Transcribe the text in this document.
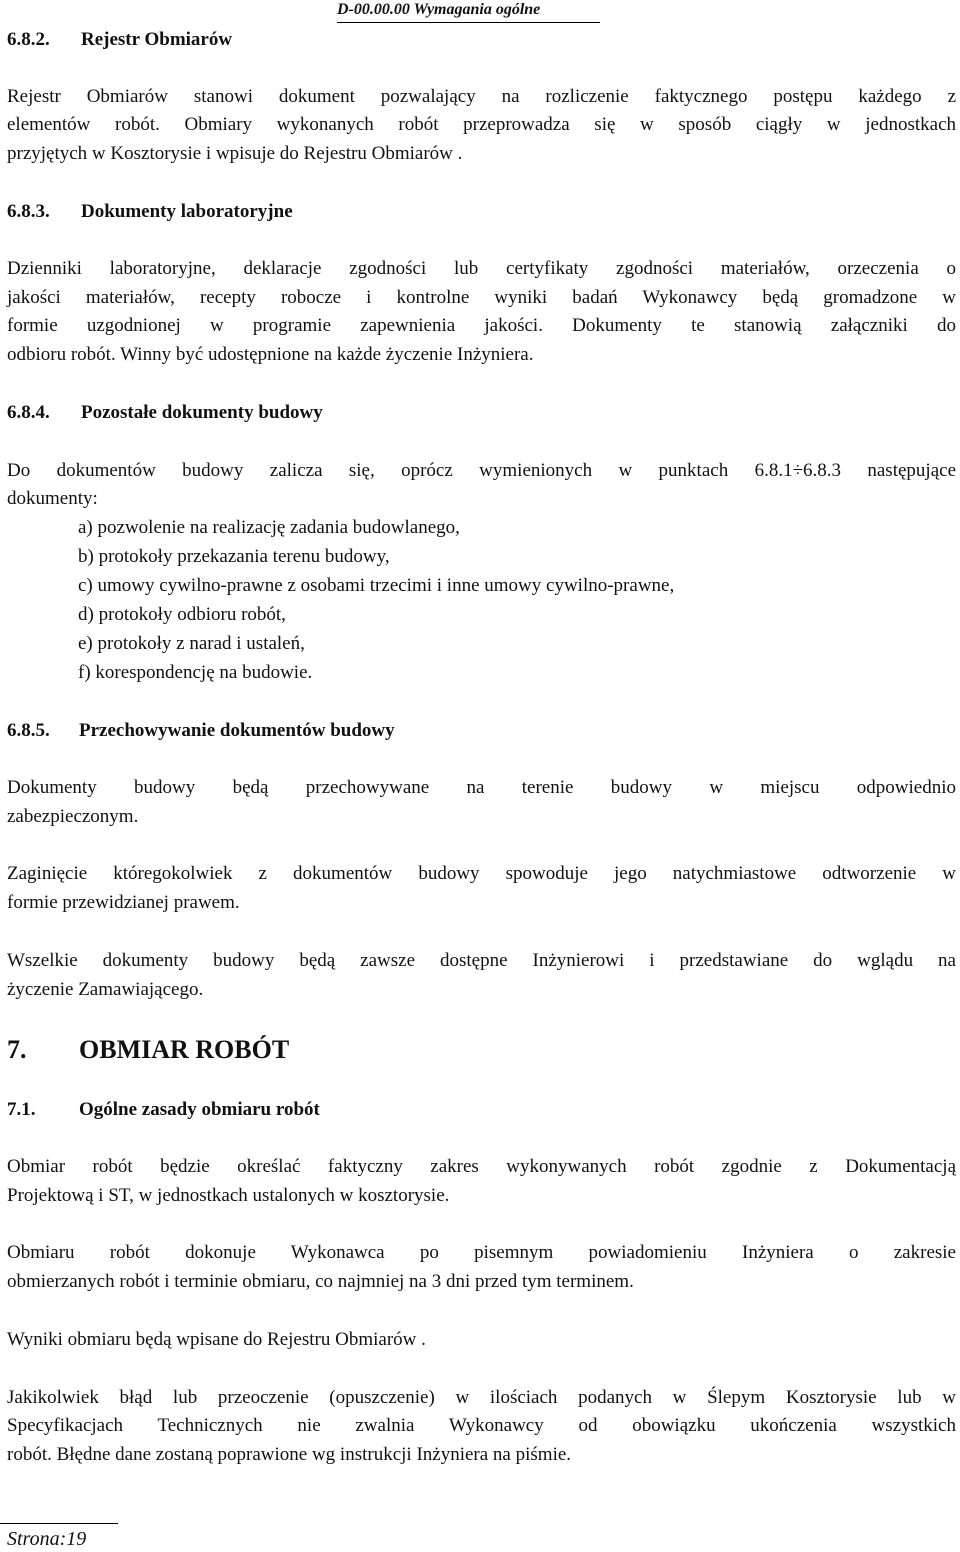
D-00.00.00 Wymagania ogólne
6.8.2. Rejestr Obmiarów
Rejestr Obmiarów stanowi dokument pozwalający na rozliczenie faktycznego postępu każdego z
elementów robót. Obmiary wykonanych robót przeprowadza się w sposób ciągły w jednostkach
przyjętych w Kosztorysie i wpisuje do Rejestru Obmiarów .
6.8.3. Dokumenty laboratoryjne
Dzienniki laboratoryjne, deklaracje zgodności lub certyfikaty zgodności materiałów, orzeczenia o
jakości materiałów, recepty robocze i kontrolne wyniki badań Wykonawcy będą gromadzone w
formie uzgodnionej w programie zapewnienia jakości. Dokumenty te stanowią załączniki do
odbioru robót. Winny być udostępnione na każde życzenie Inżyniera.
6.8.4. Pozostałe dokumenty budowy
Do dokumentów budowy zalicza się, oprócz wymienionych w punktach 6.8.1÷6.8.3 następujące
dokumenty:
a) pozwolenie na realizację zadania budowlanego,
b) protokoły przekazania terenu budowy,
c) umowy cywilno-prawne z osobami trzecimi i inne umowy cywilno-prawne,
d) protokoły odbioru robót,
e) protokoły z narad i ustaleń,
f) korespondencję na budowie.
6.8.5. Przechowywanie dokumentów budowy
Dokumenty budowy będą przechowywane na terenie budowy w miejscu odpowiednio
zabezpieczonym.
Zaginięcie któregokolwiek z dokumentów budowy spowoduje jego natychmiastowe odtworzenie w
formie przewidzianej prawem.
Wszelkie dokumenty budowy będą zawsze dostępne Inżynierowi i przedstawiane do wglądu na
życzenie Zamawiającego.
7. OBMIAR ROBÓT
7.1. Ogólne zasady obmiaru robót
Obmiar robót będzie określać faktyczny zakres wykonywanych robót zgodnie z Dokumentacją
Projektową i ST, w jednostkach ustalonych w kosztorysie.
Obmiaru robót dokonuje Wykonawca po pisemnym powiadomieniu Inżyniera o zakresie
obmierzanych robót i terminie obmiaru, co najmniej na 3 dni przed tym terminem.
Wyniki obmiaru będą wpisane do Rejestru Obmiarów .
Jakikolwiek błąd lub przeoczenie (opuszczenie) w ilościach podanych w Ślepym Kosztorysie lub w
Specyfikacjach Technicznych nie zwalnia Wykonawcy od obowiązku ukończenia wszystkich
robót. Błędne dane zostaną poprawione wg instrukcji Inżyniera na piśmie.
Strona:19
